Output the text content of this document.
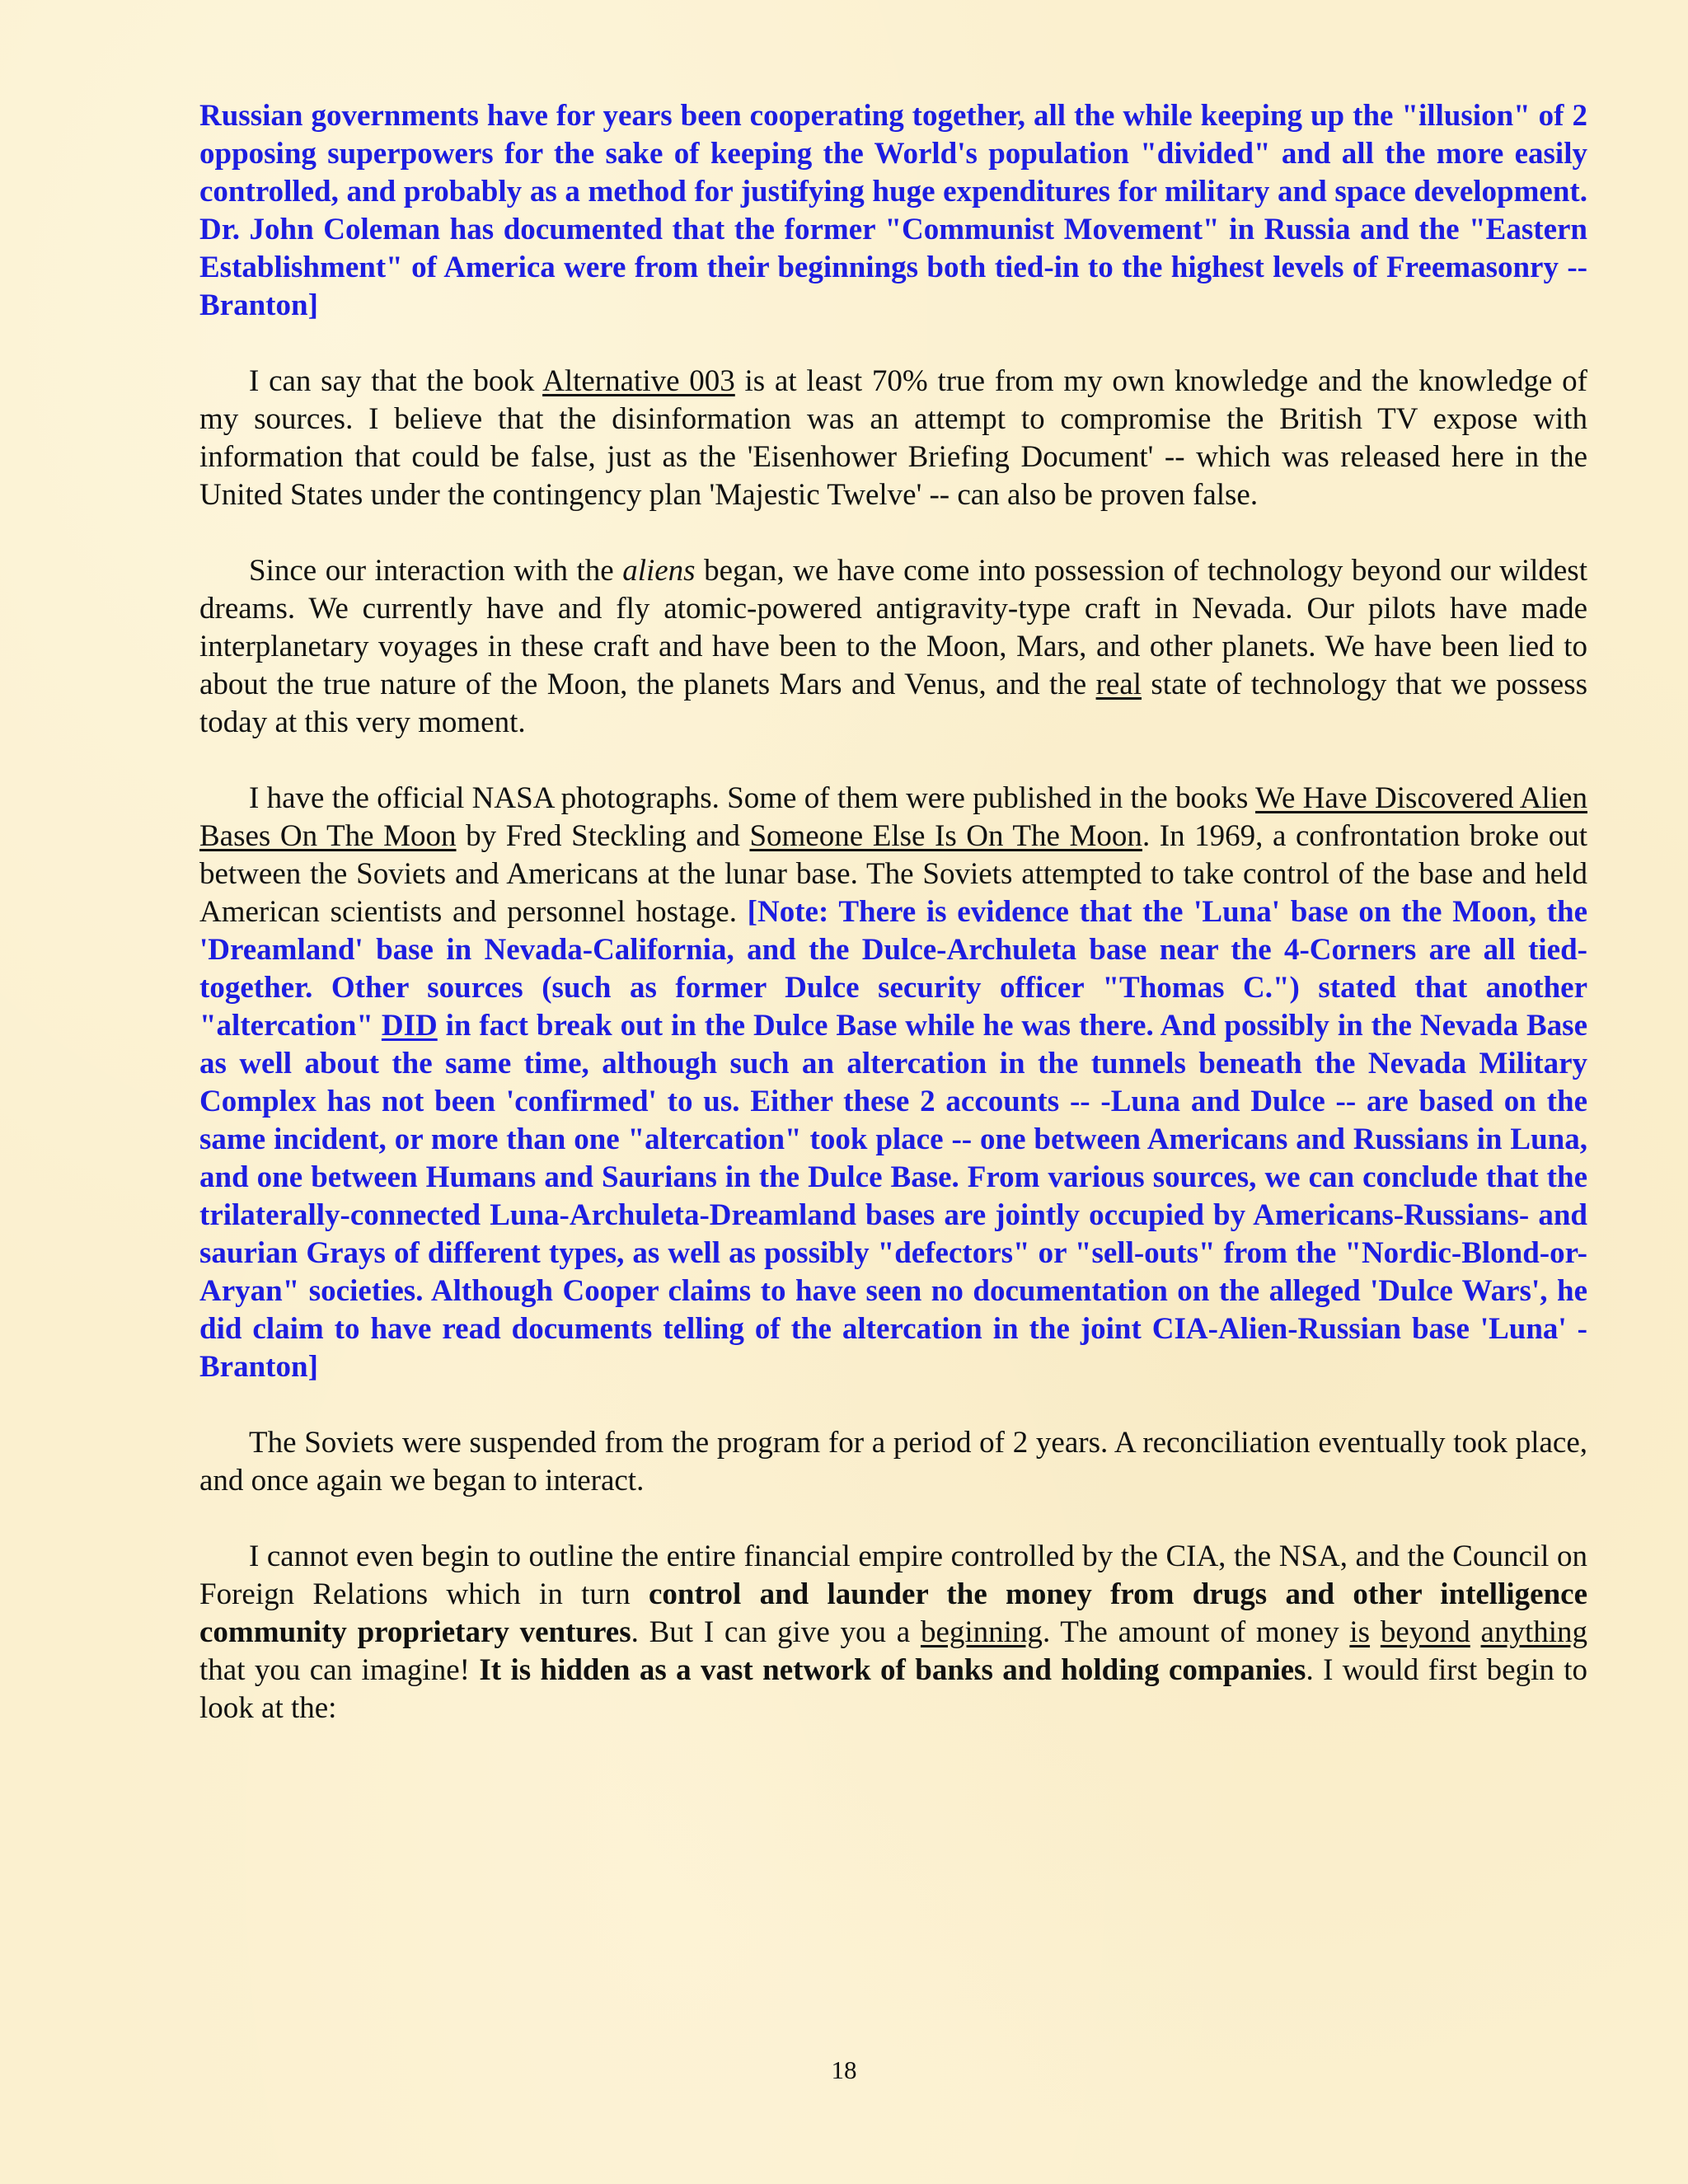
Russian governments have for years been cooperating together, all the while keeping up the "illusion" of 2 opposing superpowers for the sake of keeping the World's population "divided" and all the more easily controlled, and probably as a method for justifying huge expenditures for military and space development. Dr. John Coleman has documented that the former "Communist Movement" in Russia and the "Eastern Establishment" of America were from their beginnings both tied-in to the highest levels of Freemasonry -- Branton]

I can say that the book Alternative 003 is at least 70% true from my own knowledge and the knowledge of my sources. I believe that the disinformation was an attempt to compromise the British TV expose with information that could be false, just as the 'Eisenhower Briefing Document' -- which was released here in the United States under the contingency plan 'Majestic Twelve' -- can also be proven false.

Since our interaction with the aliens began, we have come into possession of technology beyond our wildest dreams. We currently have and fly atomic-powered antigravity-type craft in Nevada. Our pilots have made interplanetary voyages in these craft and have been to the Moon, Mars, and other planets. We have been lied to about the true nature of the Moon, the planets Mars and Venus, and the real state of technology that we possess today at this very moment.

I have the official NASA photographs. Some of them were published in the books We Have Discovered Alien Bases On The Moon by Fred Steckling and Someone Else Is On The Moon. In 1969, a confrontation broke out between the Soviets and Americans at the lunar base. The Soviets attempted to take control of the base and held American scientists and personnel hostage. [Note: There is evidence that the 'Luna' base on the Moon, the 'Dreamland' base in Nevada-California, and the Dulce-Archuleta base near the 4-Corners are all tied-together. Other sources (such as former Dulce security officer "Thomas C.") stated that another "altercation" DID in fact break out in the Dulce Base while he was there. And possibly in the Nevada Base as well about the same time, although such an altercation in the tunnels beneath the Nevada Military Complex has not been 'confirmed' to us. Either these 2 accounts -- -Luna and Dulce -- are based on the same incident, or more than one "altercation" took place -- one between Americans and Russians in Luna, and one between Humans and Saurians in the Dulce Base. From various sources, we can conclude that the trilaterally-connected Luna-Archuleta-Dreamland bases are jointly occupied by Americans-Russians- and saurian Grays of different types, as well as possibly "defectors" or "sell-outs" from the "Nordic-Blond-or-Aryan" societies. Although Cooper claims to have seen no documentation on the alleged 'Dulce Wars', he did claim to have read documents telling of the altercation in the joint CIA-Alien-Russian base 'Luna' - Branton]

The Soviets were suspended from the program for a period of 2 years. A reconciliation eventually took place, and once again we began to interact.

I cannot even begin to outline the entire financial empire controlled by the CIA, the NSA, and the Council on Foreign Relations which in turn control and launder the money from drugs and other intelligence community proprietary ventures. But I can give you a beginning. The amount of money is beyond anything that you can imagine! It is hidden as a vast network of banks and holding companies. I would first begin to look at the:

18
